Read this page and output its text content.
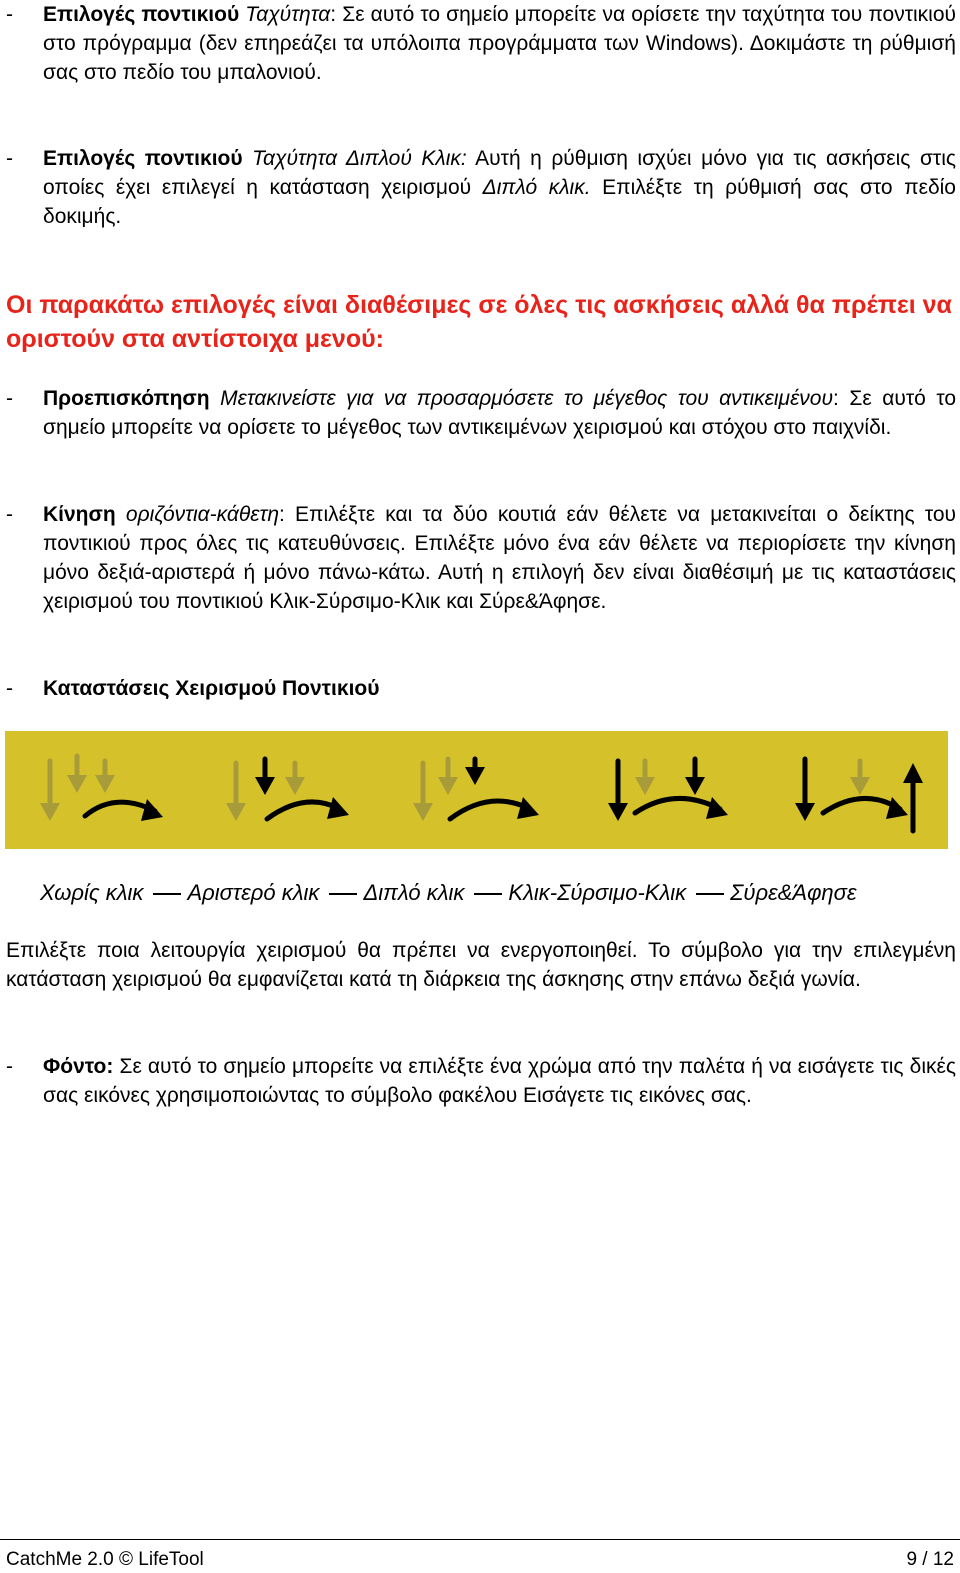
-	Επιλογές ποντικιού Ταχύτητα: Σε αυτό το σημείο μπορείτε να ορίσετε την ταχύτητα του ποντικιού στο πρόγραμμα (δεν επηρεάζει τα υπόλοιπα προγράμματα των Windows). Δοκιμάστε τη ρύθμισή σας στο πεδίο του μπαλονιού.
-	Επιλογές ποντικιού Ταχύτητα Διπλού Κλικ: Αυτή η ρύθμιση ισχύει μόνο για τις ασκήσεις στις οποίες έχει επιλεγεί η κατάσταση χειρισμού Διπλό κλικ. Επιλέξτε τη ρύθμισή σας στο πεδίο δοκιμής.
Οι παρακάτω επιλογές είναι διαθέσιμες σε όλες τις ασκήσεις αλλά θα πρέπει να οριστούν στα αντίστοιχα μενού:
-	Προεπισκόπηση Μετακινείστε για να προσαρμόσετε το μέγεθος του αντικειμένου: Σε αυτό το σημείο μπορείτε να ορίσετε το μέγεθος των αντικειμένων χειρισμού και στόχου στο παιχνίδι.
-	Κίνηση οριζόντια-κάθετη: Επιλέξτε και τα δύο κουτιά εάν θέλετε να μετακινείται ο δείκτης του ποντικιού προς όλες τις κατευθύνσεις. Επιλέξτε μόνο ένα εάν θέλετε να περιορίσετε την κίνηση μόνο δεξιά-αριστερά ή μόνο πάνω-κάτω. Αυτή η επιλογή δεν είναι διαθέσιμή με τις καταστάσεις χειρισμού του ποντικιού Κλικ-Σύρσιμο-Κλικ και Σύρε&Άφησε.
-	Καταστάσεις Χειρισμού Ποντικιού
Χωρίς κλικ Αριστερό κλικ Διπλό κλικ Κλικ-Σύρσιμο-Κλικ Σύρε&Άφησε
Επιλέξτε ποια λειτουργία χειρισμού θα πρέπει να ενεργοποιηθεί. Το σύμβολο για την επιλεγμένη κατάσταση χειρισμού θα εμφανίζεται κατά τη διάρκεια της άσκησης στην επάνω δεξιά γωνία.
-	Φόντο: Σε αυτό το σημείο μπορείτε να επιλέξτε ένα χρώμα από την παλέτα ή να εισάγετε τις δικές σας εικόνες χρησιμοποιώντας το σύμβολο φακέλου Εισάγετε τις εικόνες σας.
CatchMe 2.0 © LifeTool	9 / 12
